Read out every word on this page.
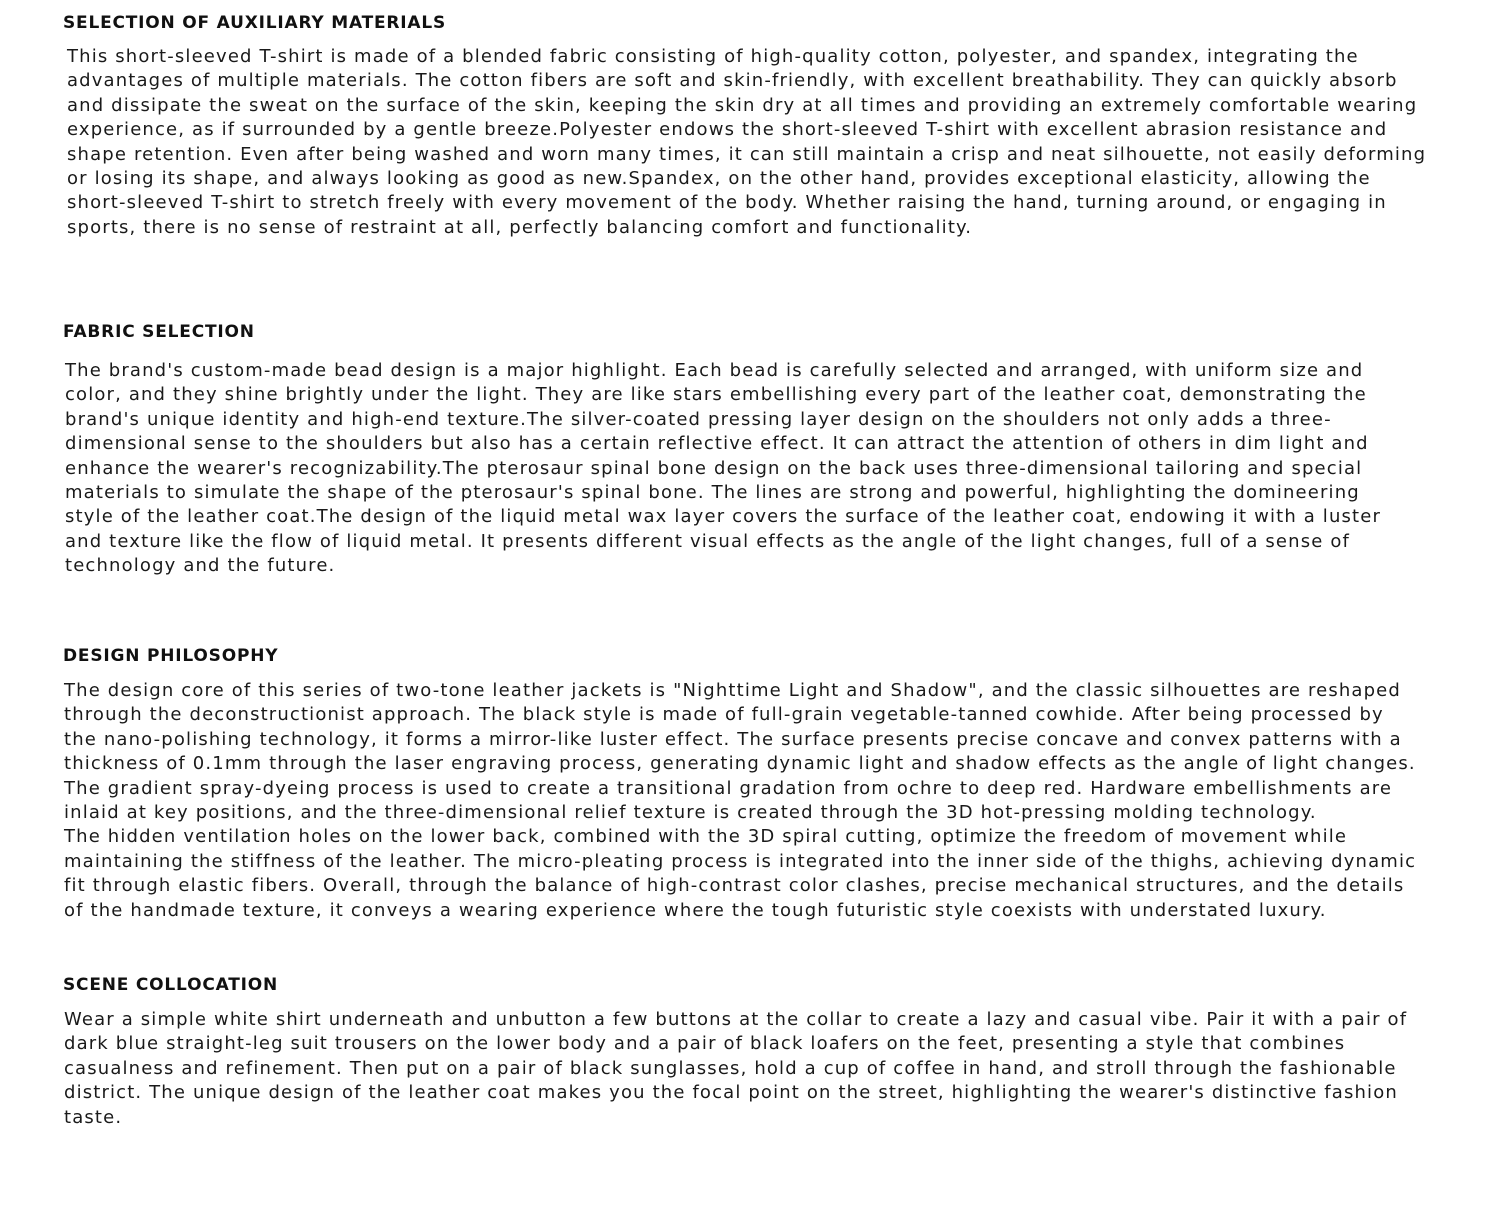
SELECTION OF AUXILIARY MATERIALS

This short-sleeved T-shirt is made of a blended fabric consisting of high-quality cotton, polyester, and spandex, integrating the
advantages of multiple materials. The cotton fibers are soft and skin-friendly, with excellent breathability. They can quickly absorb
and dissipate the sweat on the surface of the skin, keeping the skin dry at all times and providing an extremely comfortable wearing
experience, as if surrounded by a gentle breeze.Polyester endows the short-sleeved T-shirt with excellent abrasion resistance and
shape retention. Even after being washed and worn many times, it can still maintain a crisp and neat silhouette, not easily deforming
or losing its shape, and always looking as good as new.Spandex, on the other hand, provides exceptional elasticity, allowing the
short-sleeved T-shirt to stretch freely with every movement of the body. Whether raising the hand, turning around, or engaging in
sports, there is no sense of restraint at all, perfectly balancing comfort and functionality.

FABRIC SELECTION

The brand's custom-made bead design is a major highlight. Each bead is carefully selected and arranged, with uniform size and
color, and they shine brightly under the light. They are like stars embellishing every part of the leather coat, demonstrating the
brand's unique identity and high-end texture.The silver-coated pressing layer design on the shoulders not only adds a three-
dimensional sense to the shoulders but also has a certain reflective effect. It can attract the attention of others in dim light and
enhance the wearer's recognizability.The pterosaur spinal bone design on the back uses three-dimensional tailoring and special
materials to simulate the shape of the pterosaur's spinal bone. The lines are strong and powerful, highlighting the domineering
style of the leather coat.The design of the liquid metal wax layer covers the surface of the leather coat, endowing it with a luster
and texture like the flow of liquid metal. It presents different visual effects as the angle of the light changes, full of a sense of
technology and the future.

DESIGN PHILOSOPHY

The design core of this series of two-tone leather jackets is "Nighttime Light and Shadow", and the classic silhouettes are reshaped
through the deconstructionist approach. The black style is made of full-grain vegetable-tanned cowhide. After being processed by
the nano-polishing technology, it forms a mirror-like luster effect. The surface presents precise concave and convex patterns with a
thickness of 0.1mm through the laser engraving process, generating dynamic light and shadow effects as the angle of light changes.
The gradient spray-dyeing process is used to create a transitional gradation from ochre to deep red. Hardware embellishments are
inlaid at key positions, and the three-dimensional relief texture is created through the 3D hot-pressing molding technology.
The hidden ventilation holes on the lower back, combined with the 3D spiral cutting, optimize the freedom of movement while
maintaining the stiffness of the leather. The micro-pleating process is integrated into the inner side of the thighs, achieving dynamic
fit through elastic fibers. Overall, through the balance of high-contrast color clashes, precise mechanical structures, and the details
of the handmade texture, it conveys a wearing experience where the tough futuristic style coexists with understated luxury.

SCENE COLLOCATION

Wear a simple white shirt underneath and unbutton a few buttons at the collar to create a lazy and casual vibe. Pair it with a pair of
dark blue straight-leg suit trousers on the lower body and a pair of black loafers on the feet, presenting a style that combines
casualness and refinement. Then put on a pair of black sunglasses, hold a cup of coffee in hand, and stroll through the fashionable
district. The unique design of the leather coat makes you the focal point on the street, highlighting the wearer's distinctive fashion
taste.
